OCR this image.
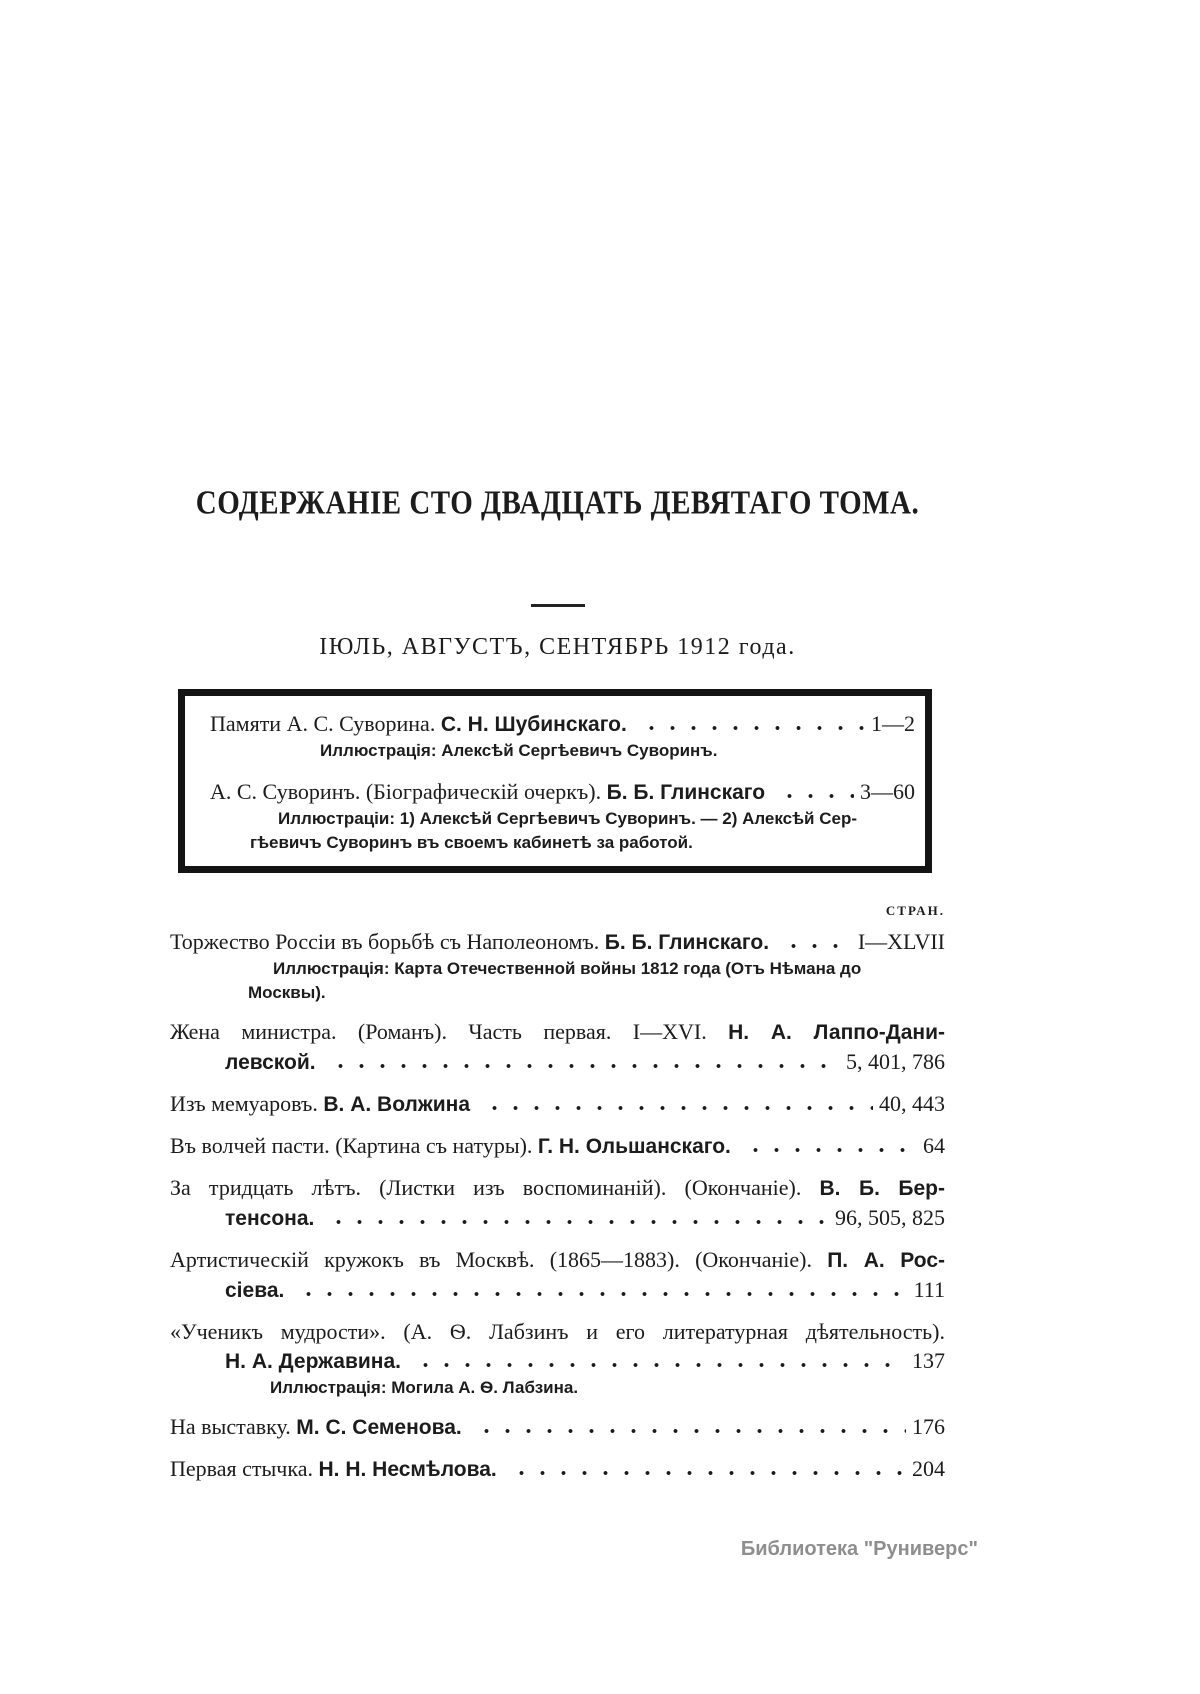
СОДЕРЖАНІЕ СТО ДВАДЦАТЬ ДЕВЯТАГО ТОМА.
ІЮЛЬ, АВГУСТЪ, СЕНТЯБРЬ 1912 года.
Памяти А. С. Суворина. С. Н. Шубинскаго.	1—2
Иллюстрація: Алексѣй Сергѣевичъ Суворинъ.
А. С. Суворинъ. (Біографическій очеркъ). Б. Б. Глинскаго	3—60
Иллюстраціи: 1) Алексѣй Сергѣевичъ Суворинъ. — 2) Алексѣй Сер-
гѣевичъ Суворинъ въ своемъ кабинетѣ за работой.
СТРАН.
Торжество Россіи въ борьбѣ съ Наполеономъ. Б. Б. Глинскаго.	I—XLVII
Иллюстрація: Карта Отечественной войны 1812 года (Отъ Нѣмана до
Москвы).
Жена министра. (Романъ). Часть первая. I—XVI. Н. А. Лаппо-Дани-
левской.	5, 401, 786
Изъ мемуаровъ. В. А. Волжина	40, 443
Въ волчей пасти. (Картина съ натуры). Г. Н. Ольшанскаго.	64
За тридцать лѣтъ. (Листки изъ воспоминаній). (Окончаніе). В. Б. Бер-
тенсона.	96, 505, 825
Артистическій кружокъ въ Москвѣ. (1865—1883). (Окончаніе). П. А. Рос-
сіева.	111
«Ученикъ мудрости». (А. Ѳ. Лабзинъ и его литературная дѣятельность).
Н. А. Державина.	137
Иллюстрація: Могила А. Ѳ. Лабзина.
На выставку. М. С. Семенова.	176
Первая стычка. Н. Н. Несмѣлова.	204
Библиотека "Руниверс"
